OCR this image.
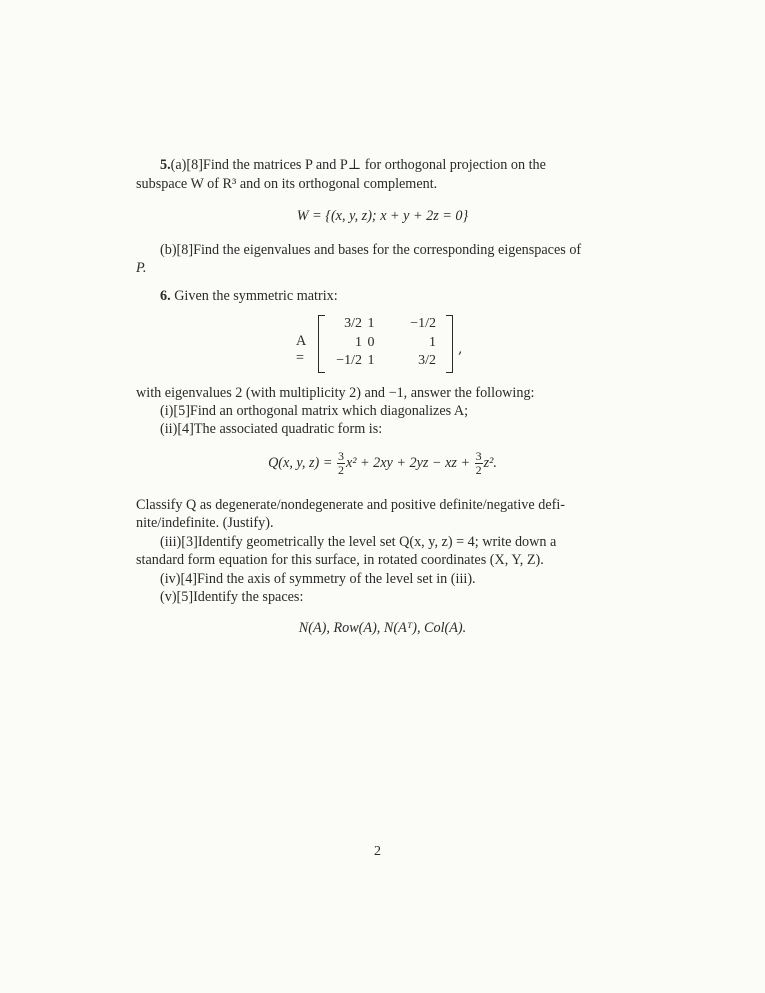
5.(a)[8]Find the matrices P and P⊥ for orthogonal projection on the
subspace W of R³ and on its orthogonal complement.
W = {(x, y, z); x + y + 2z = 0}
(b)[8]Find the eigenvalues and bases for the corresponding eigenspaces of
P.
6. Given the symmetric matrix:
A =
3/2 1	−1/2
1 0	1
−1/2 1	3/2
,
with eigenvalues 2 (with multiplicity 2) and −1, answer the following:
(i)[5]Find an orthogonal matrix which diagonalizes A;
(ii)[4]The associated quadratic form is:
Q(x, y, $z) = \frac{3}{2} x^2 + 2xy + 2yz$ − xz + $\frac{3}{2} z^2$.
Classify Q as degenerate/nondegenerate and positive definite/negative defi-
nite/indefinite. (Justify).
(iii)[3]Identify geometrically the level set Q(x, y, z) = 4; write down a
standard form equation for this surface, in rotated coordinates (X, Y, Z).
(iv)[4]Find the axis of symmetry of the level set in (iii).
(v)[5]Identify the spaces:
N(A), Row(A), N(Aᵀ), Col(A).
2
